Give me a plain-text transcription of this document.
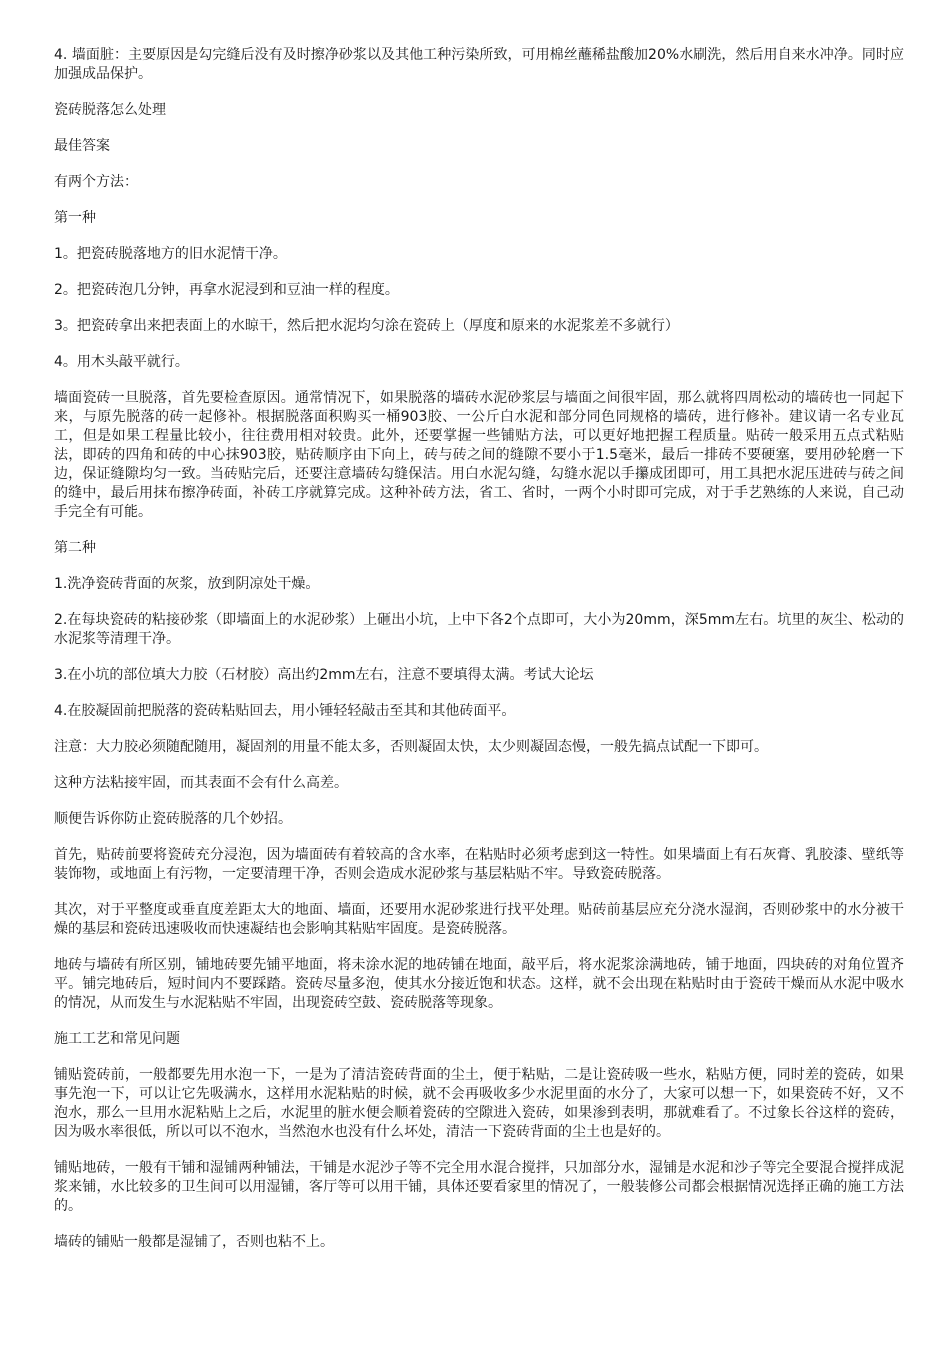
4. 墙面脏：主要原因是勾完缝后没有及时擦净砂浆以及其他工种污染所致，可用棉丝蘸稀盐酸加20%水刷洗，然后用自来水冲净。同时应加强成品保护。

瓷砖脱落怎么处理

最佳答案

有两个方法：

第一种

1。把瓷砖脱落地方的旧水泥情干净。

2。把瓷砖泡几分钟，再拿水泥浸到和豆油一样的程度。

3。把瓷砖拿出来把表面上的水晾干，然后把水泥均匀涂在瓷砖上（厚度和原来的水泥浆差不多就行）

4。用木头敲平就行。

墙面瓷砖一旦脱落，首先要检查原因。通常情况下，如果脱落的墙砖水泥砂浆层与墙面之间很牢固，那么就将四周松动的墙砖也一同起下来，与原先脱落的砖一起修补。根据脱落面积购买一桶903胶、一公斤白水泥和部分同色同规格的墙砖，进行修补。建议请一名专业瓦工，但是如果工程量比较小，往往费用相对较贵。此外，还要掌握一些铺贴方法，可以更好地把握工程质量。贴砖一般采用五点式粘贴法，即砖的四角和砖的中心抹903胶，贴砖顺序由下向上，砖与砖之间的缝隙不要小于1.5毫米，最后一排砖不要硬塞，要用砂轮磨一下边，保证缝隙均匀一致。当砖贴完后，还要注意墙砖勾缝保洁。用白水泥勾缝，勾缝水泥以手攥成团即可，用工具把水泥压进砖与砖之间的缝中，最后用抹布擦净砖面，补砖工序就算完成。这种补砖方法，省工、省时，一两个小时即可完成，对于手艺熟练的人来说，自己动手完全有可能。

第二种

1.洗净瓷砖背面的灰浆，放到阴凉处干燥。

2.在每块瓷砖的粘接砂浆（即墙面上的水泥砂浆）上砸出小坑，上中下各2个点即可，大小为20mm，深5mm左右。坑里的灰尘、松动的水泥浆等清理干净。

3.在小坑的部位填大力胶（石材胶）高出约2mm左右，注意不要填得太满。考试大论坛

4.在胶凝固前把脱落的瓷砖粘贴回去，用小锤轻轻敲击至其和其他砖面平。

注意：大力胶必须随配随用，凝固剂的用量不能太多，否则凝固太快，太少则凝固态慢，一般先搞点试配一下即可。

这种方法粘接牢固，而其表面不会有什么高差。

顺便告诉你防止瓷砖脱落的几个妙招。

首先，贴砖前要将瓷砖充分浸泡，因为墙面砖有着较高的含水率，在粘贴时必须考虑到这一特性。如果墙面上有石灰膏、乳胶漆、壁纸等装饰物，或地面上有污物，一定要清理干净，否则会造成水泥砂浆与基层粘贴不牢。导致瓷砖脱落。

其次，对于平整度或垂直度差距太大的地面、墙面，还要用水泥砂浆进行找平处理。贴砖前基层应充分浇水湿润，否则砂浆中的水分被干燥的基层和瓷砖迅速吸收而快速凝结也会影响其粘贴牢固度。是瓷砖脱落。

地砖与墙砖有所区别，铺地砖要先铺平地面，将未涂水泥的地砖铺在地面，敲平后，将水泥浆涂满地砖，铺于地面，四块砖的对角位置齐平。铺完地砖后，短时间内不要踩踏。瓷砖尽量多泡，使其水分接近饱和状态。这样，就不会出现在粘贴时由于瓷砖干燥而从水泥中吸水的情况，从而发生与水泥粘贴不牢固，出现瓷砖空鼓、瓷砖脱落等现象。

施工工艺和常见问题

铺贴瓷砖前，一般都要先用水泡一下，一是为了清洁瓷砖背面的尘土，便于粘贴，二是让瓷砖吸一些水，粘贴方便，同时差的瓷砖，如果事先泡一下，可以让它先吸满水，这样用水泥粘贴的时候，就不会再吸收多少水泥里面的水分了，大家可以想一下，如果瓷砖不好，又不泡水，那么一旦用水泥粘贴上之后，水泥里的脏水便会顺着瓷砖的空隙进入瓷砖，如果渗到表明，那就难看了。不过象长谷这样的瓷砖，因为吸水率很低，所以可以不泡水，当然泡水也没有什么坏处，清洁一下瓷砖背面的尘土也是好的。

铺贴地砖，一般有干铺和湿铺两种铺法，干铺是水泥沙子等不完全用水混合搅拌，只加部分水，湿铺是水泥和沙子等完全要混合搅拌成泥浆来铺，水比较多的卫生间可以用湿铺，客厅等可以用干铺，具体还要看家里的情况了，一般装修公司都会根据情况选择正确的施工方法的。

墙砖的铺贴一般都是湿铺了，否则也粘不上。
